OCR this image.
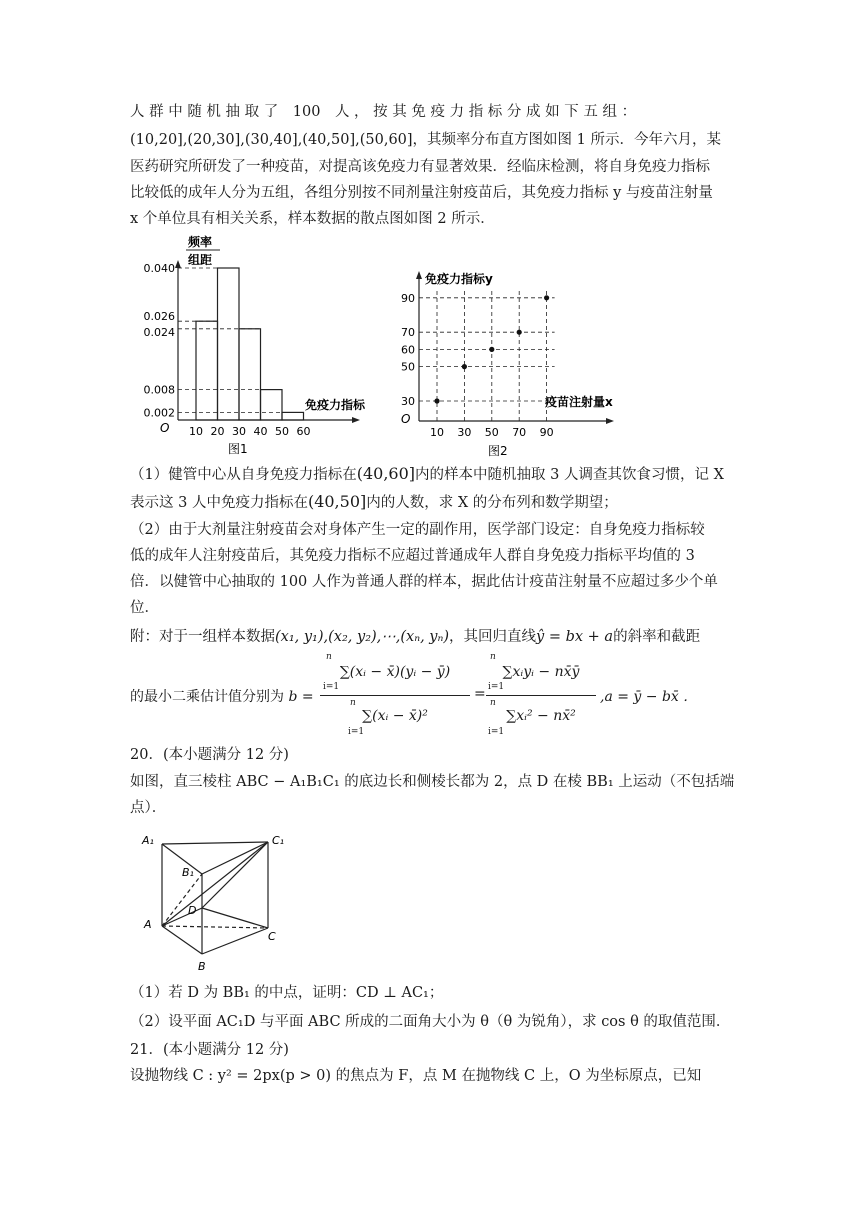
人 群 中 随 机 抽 取 了　100　人 ， 按 其 免 疫 力 指 标 分 成 如 下 五 组 ：
(10,20],(20,30],(30,40],(40,50],(50,60]，其频率分布直方图如图 1 所示．今年六月，某
医药研究所研发了一种疫苗，对提高该免疫力有显著效果．经临床检测，将自身免疫力指标
比较低的成年人分为五组，各组分别按不同剂量注射疫苗后，其免疫力指标 y 与疫苗注射量
x 个单位具有相关关系，样本数据的散点图如图 2 所示．
频率
组距
O
免疫力指标
0.040
0.026
0.024
0.008
0.002
10 20 30 40 50 60
图1
免疫力指标y
疫苗注射量x
O
90
70
60
50
30
10 30 50 70 90
图2
（1）健管中心从自身免疫力指标在(40,60]内的样本中随机抽取 3 人调查其饮食习惯，记 X
表示这 3 人中免疫力指标在(40,50]内的人数，求 X 的分布列和数学期望；
（2）由于大剂量注射疫苗会对身体产生一定的副作用，医学部门设定：自身免疫力指标较
低的成年人注射疫苗后，其免疫力指标不应超过普通成年人群自身免疫力指标平均值的 3
倍．以健管中心抽取的 100 人作为普通人群的样本，据此估计疫苗注射量不应超过多少个单
位．
附：对于一组样本数据(x₁, y₁),(x₂, y₂),⋯,(xₙ, yₙ)，其回归直线ŷ = bx + a的斜率和截距
的最小二乘估计值分别为 b =
n
∑(xᵢ − x̄)(yᵢ − ȳ)
i=1
n
∑(xᵢ − x̄)²
i=1
=
n
∑xᵢyᵢ − nx̄ȳ
i=1
n
∑xᵢ² − nx̄²
i=1
,a = ȳ − bx̄ ．
20．(本小题满分 12 分)
如图，直三棱柱 ABC − A₁B₁C₁ 的底边长和侧棱长都为 2，点 D 在棱 BB₁ 上运动（不包括端
点）．
A₁	C₁
B₁
D
A
B
C
（1）若 D 为 BB₁ 的中点，证明：CD ⊥ AC₁；
（2）设平面 AC₁D 与平面 ABC 所成的二面角大小为 θ（θ 为锐角），求 cos θ 的取值范围．
21．(本小题满分 12 分)
设抛物线 C : y² = 2px(p > 0) 的焦点为 F，点 M 在抛物线 C 上，O 为坐标原点，已知
